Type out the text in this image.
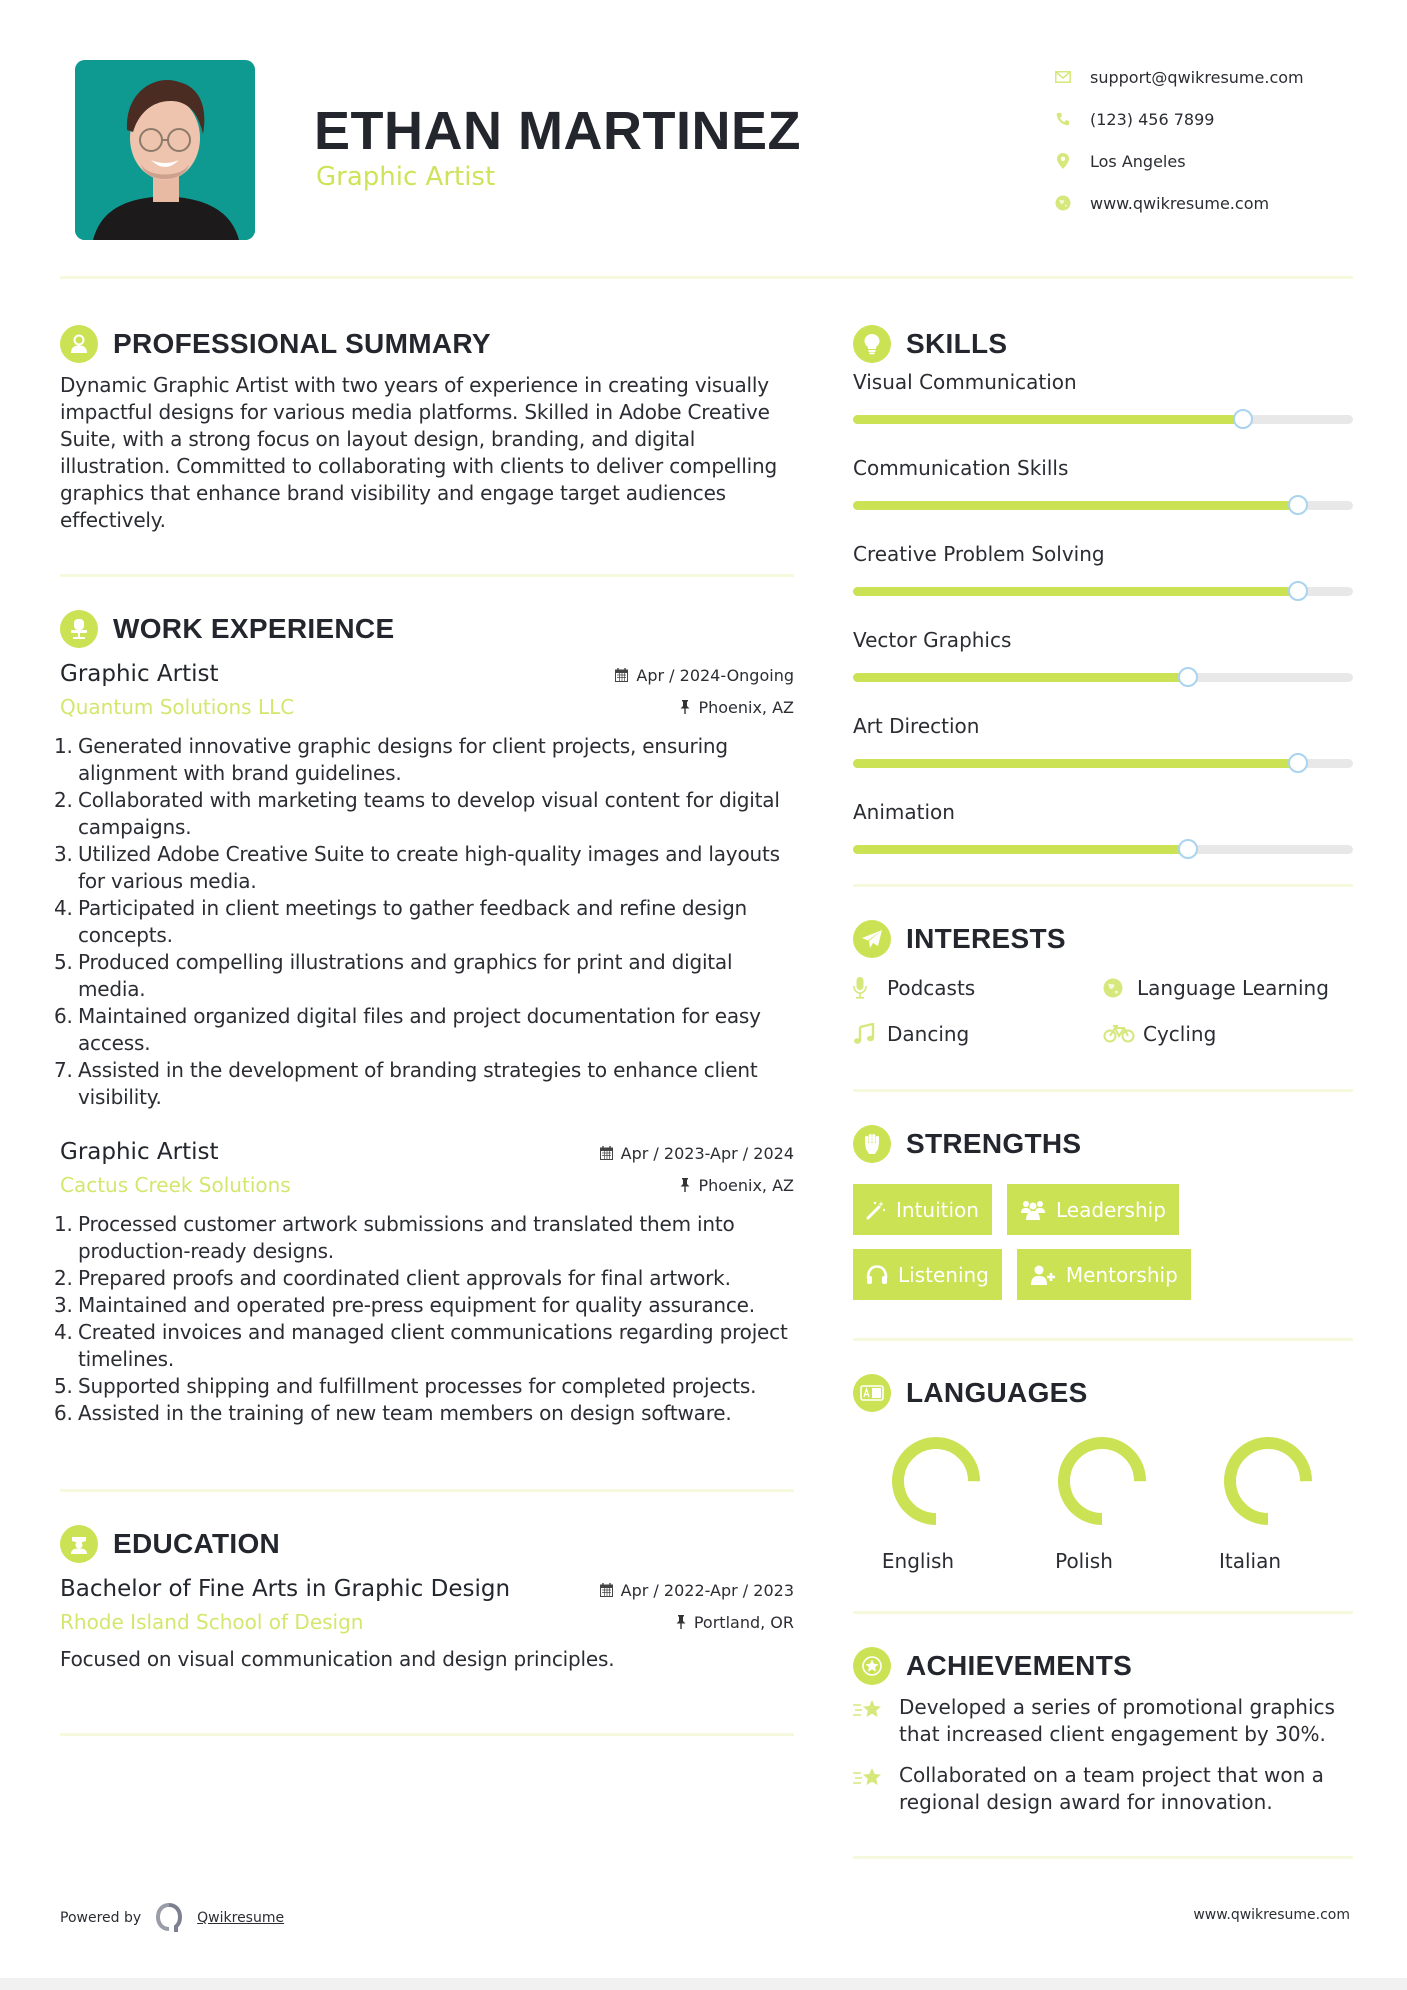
ETHAN MARTINEZ
Graphic Artist
support@qwikresume.com
(123) 456 7899
Los Angeles
www.qwikresume.com
PROFESSIONAL SUMMARY

Dynamic Graphic Artist with two years of experience in creating visually impactful designs for various media platforms. Skilled in Adobe Creative Suite, with a strong focus on layout design, branding, and digital illustration. Committed to collaborating with clients to deliver compelling graphics that enhance brand visibility and engage target audiences effectively.

WORK EXPERIENCE
Graphic Artist
Quantum Solutions LLC
Apr / 2024-Ongoing
Phoenix, AZ
1. Generated innovative graphic designs for client projects, ensuring alignment with brand guidelines.
2. Collaborated with marketing teams to develop visual content for digital campaigns.
3. Utilized Adobe Creative Suite to create high-quality images and layouts for various media.
4. Participated in client meetings to gather feedback and refine design concepts.
5. Produced compelling illustrations and graphics for print and digital media.
6. Maintained organized digital files and project documentation for easy access.
7. Assisted in the development of branding strategies to enhance client visibility.
Graphic Artist
Cactus Creek Solutions
Apr / 2023-Apr / 2024
Phoenix, AZ
1. Processed customer artwork submissions and translated them into production-ready designs.
2. Prepared proofs and coordinated client approvals for final artwork.
3. Maintained and operated pre-press equipment for quality assurance.
4. Created invoices and managed client communications regarding project timelines.
5. Supported shipping and fulfillment processes for completed projects.
6. Assisted in the training of new team members on design software.
EDUCATION
Bachelor of Fine Arts in Graphic Design
Rhode Island School of Design
Apr / 2022-Apr / 2023
Portland, OR

Focused on visual communication and design principles.

SKILLS
Visual Communication
Communication Skills
Creative Problem Solving
Vector Graphics
Art Direction
Animation
INTERESTS
Podcasts	Language Learning
Dancing	Cycling
STRENGTHS
Intuition	Leadership
Listening	Mentorship
LANGUAGES
English	Polish	Italian
ACHIEVEMENTS
Developed a series of promotional graphics that increased client engagement by 30%.
Collaborated on a team project that won a regional design award for innovation.
Powered by	Qwikresume	www.qwikresume.com
